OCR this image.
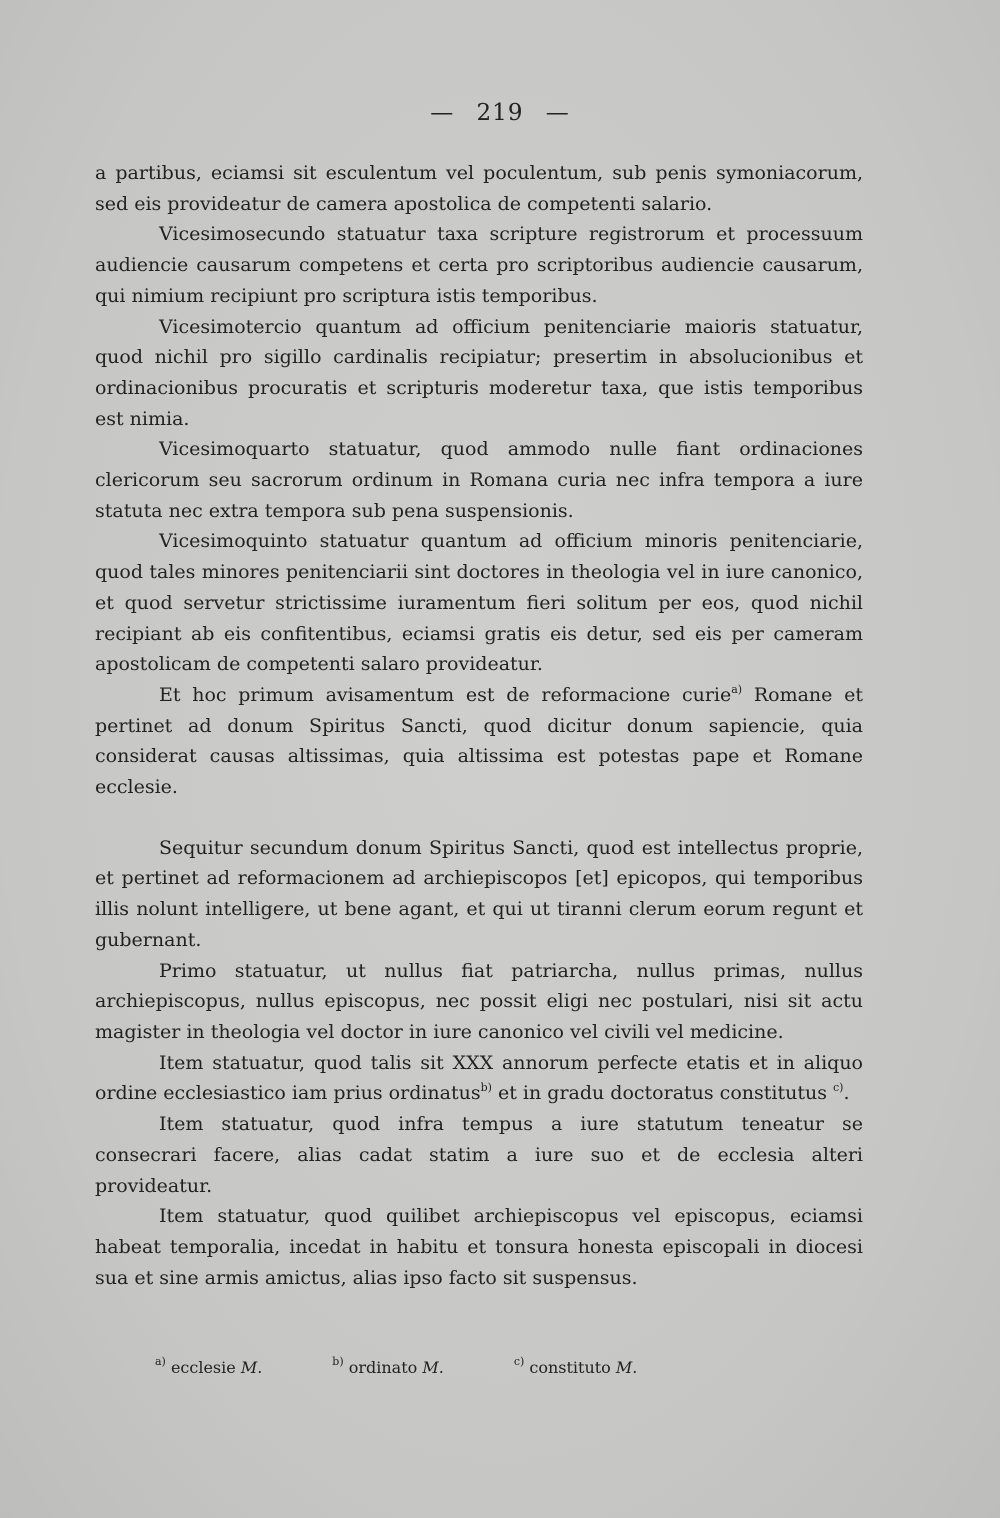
— 219 —

a partibus, eciamsi sit esculentum vel poculentum, sub penis symoniacorum, sed eis provideatur de camera apostolica de competenti salario.

Vicesimosecundo statuatur taxa scripture registrorum et processuum audiencie causarum competens et certa pro scriptoribus audiencie causarum, qui nimium recipiunt pro scriptura istis temporibus.

Vicesimotercio quantum ad officium penitenciarie maioris statuatur, quod nichil pro sigillo cardinalis recipiatur; presertim in absolucionibus et ordinacionibus procuratis et scripturis moderetur taxa, que istis temporibus est nimia.

Vicesimoquarto statuatur, quod ammodo nulle fiant ordinaciones clericorum seu sacrorum ordinum in Romana curia nec infra tempora a iure statuta nec extra tempora sub pena suspensionis.

Vicesimoquinto statuatur quantum ad officium minoris penitenciarie, quod tales minores penitenciarii sint doctores in theologia vel in iure canonico, et quod servetur strictissime iuramentum fieri solitum per eos, quod nichil recipiant ab eis confitentibus, eciamsi gratis eis detur, sed eis per cameram apostolicam de competenti salaro provideatur.

Et hoc primum avisamentum est de reformacione curie$^{a)}$ Romane et pertinet ad donum Spiritus Sancti, quod dicitur donum sapiencie, quia considerat causas altissimas, quia altissima est potestas pape et Romane ecclesie.

Sequitur secundum donum Spiritus Sancti, quod est intellectus proprie, et pertinet ad reformacionem ad archiepiscopos [et] epicopos, qui temporibus illis nolunt intelligere, ut bene agant, et qui ut tiranni clerum eorum regunt et gubernant.

Primo statuatur, ut nullus fiat patriarcha, nullus primas, nullus archiepiscopus, nullus episcopus, nec possit eligi nec postulari, nisi sit actu magister in theologia vel doctor in iure canonico vel civili vel medicine.

Item statuatur, quod talis sit XXX annorum perfecte etatis et in aliquo ordine ecclesiastico iam prius ordinatus$^{b)}$ et in gradu doctoratus constitutus $^{c)}$.

Item statuatur, quod infra tempus a iure statutum teneatur se consecrari facere, alias cadat statim a iure suo et de ecclesia alteri provideatur.

Item statuatur, quod quilibet archiepiscopus vel episcopus, eciamsi habeat temporalia, incedat in habitu et tonsura honesta episcopali in diocesi sua et sine armis amictus, alias ipso facto sit suspensus.

$^{a)}$ ecclesie M.	$^{b)}$ ordinato M.	$^{c)}$ constituto M.
